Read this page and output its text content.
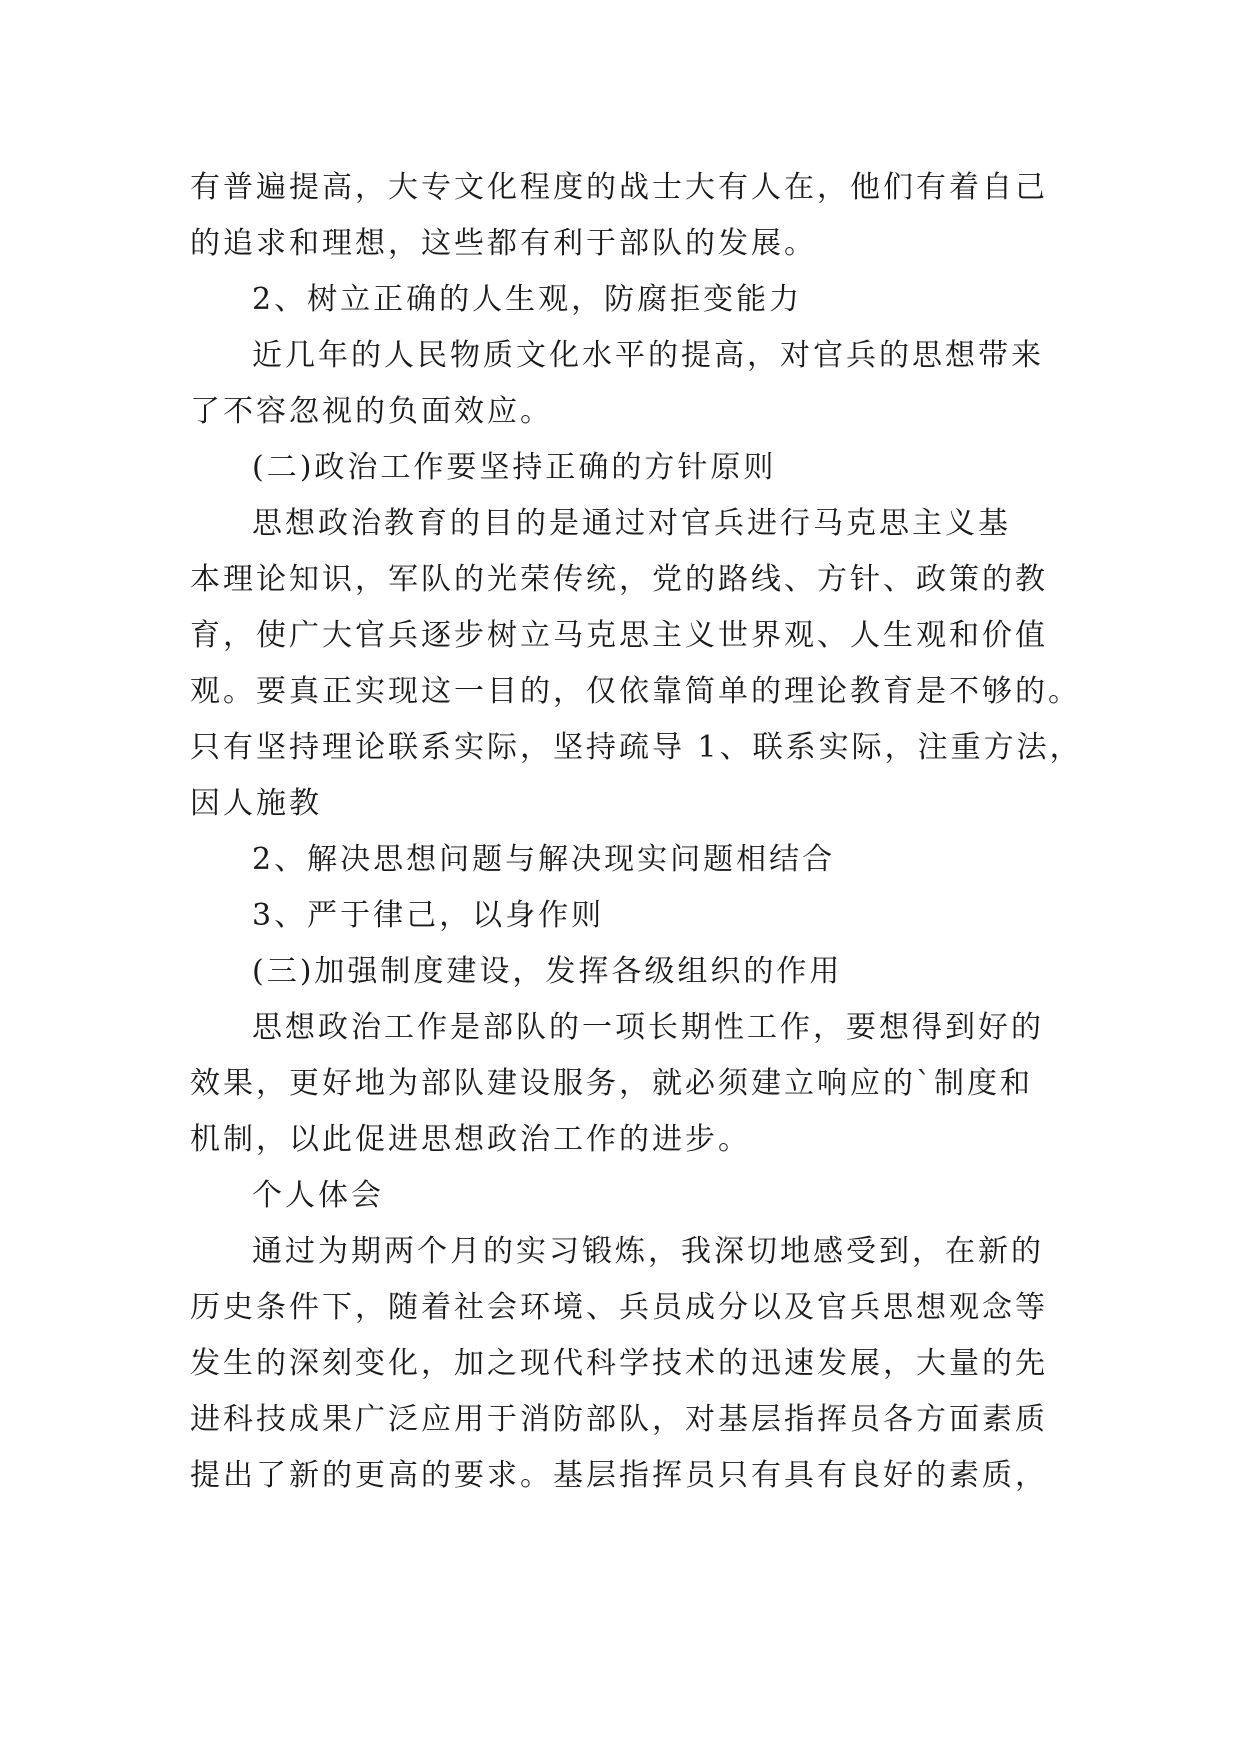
有普遍提高，大专文化程度的战士大有人在，他们有着自己
的追求和理想，这些都有利于部队的发展。
2、树立正确的人生观，防腐拒变能力
近几年的人民物质文化水平的提高，对官兵的思想带来
了不容忽视的负面效应。
(二)政治工作要坚持正确的方针原则
思想政治教育的目的是通过对官兵进行马克思主义基
本理论知识，军队的光荣传统，党的路线、方针、政策的教
育，使广大官兵逐步树立马克思主义世界观、人生观和价值
观。要真正实现这一目的，仅依靠简单的理论教育是不够的。
只有坚持理论联系实际，坚持疏导 1、联系实际，注重方法，
因人施教
2、解决思想问题与解决现实问题相结合
3、严于律己，以身作则
(三)加强制度建设，发挥各级组织的作用
思想政治工作是部队的一项长期性工作，要想得到好的
效果，更好地为部队建设服务，就必须建立响应的`制度和
机制，以此促进思想政治工作的进步。
个人体会
通过为期两个月的实习锻炼，我深切地感受到，在新的
历史条件下，随着社会环境、兵员成分以及官兵思想观念等
发生的深刻变化，加之现代科学技术的迅速发展，大量的先
进科技成果广泛应用于消防部队，对基层指挥员各方面素质
提出了新的更高的要求。基层指挥员只有具有良好的素质，
